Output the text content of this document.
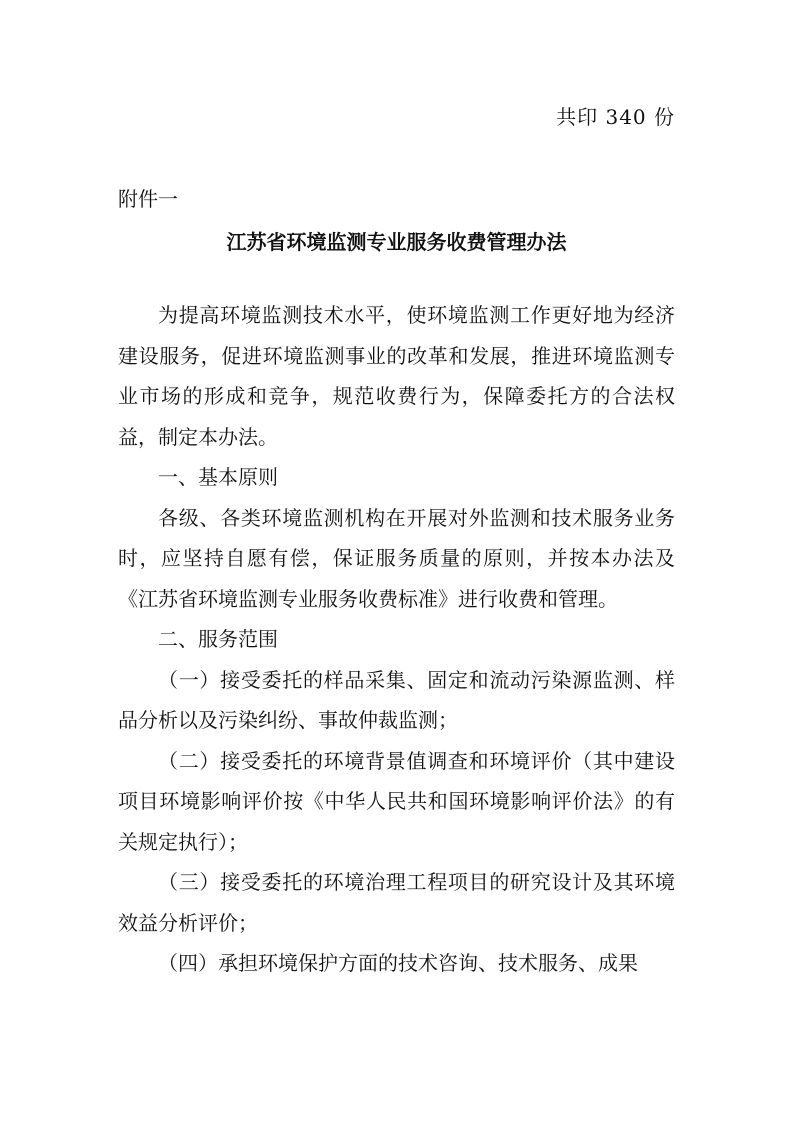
共印 340 份
附件一
江苏省环境监测专业服务收费管理办法

为提高环境监测技术水平，使环境监测工作更好地为经济建设服务，促进环境监测事业的改革和发展，推进环境监测专业市场的形成和竞争，规范收费行为，保障委托方的合法权益，制定本办法。

一、基本原则

各级、各类环境监测机构在开展对外监测和技术服务业务时，应坚持自愿有偿，保证服务质量的原则，并按本办法及《江苏省环境监测专业服务收费标准》进行收费和管理。

二、服务范围

（一）接受委托的样品采集、固定和流动污染源监测、样品分析以及污染纠纷、事故仲裁监测；

（二）接受委托的环境背景值调查和环境评价（其中建设项目环境影响评价按《中华人民共和国环境影响评价法》的有关规定执行）；

（三）接受委托的环境治理工程项目的研究设计及其环境效益分析评价；

（四）承担环境保护方面的技术咨询、技术服务、成果
